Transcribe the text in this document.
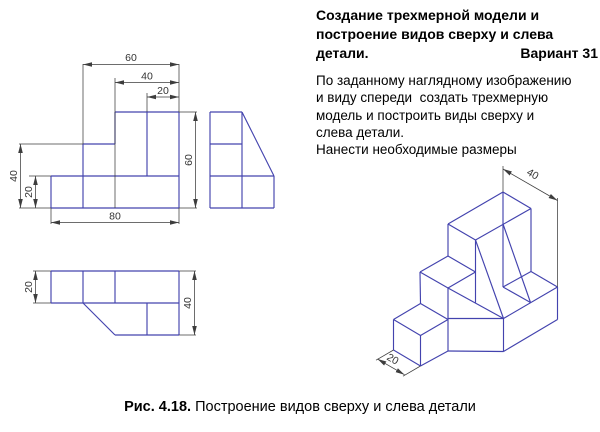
60
40
20
40
20
60
80
20
40
40
20
Создание трехмерной модели и
построение видов сверху и слева
детали.	Вариант 31
По заданному наглядному изображению
и виду спереди  создать трехмерную
модель и построить виды сверху и
слева детали.
Нанести необходимые размеры
Рис. 4.18. Построение видов сверху и слева детали
